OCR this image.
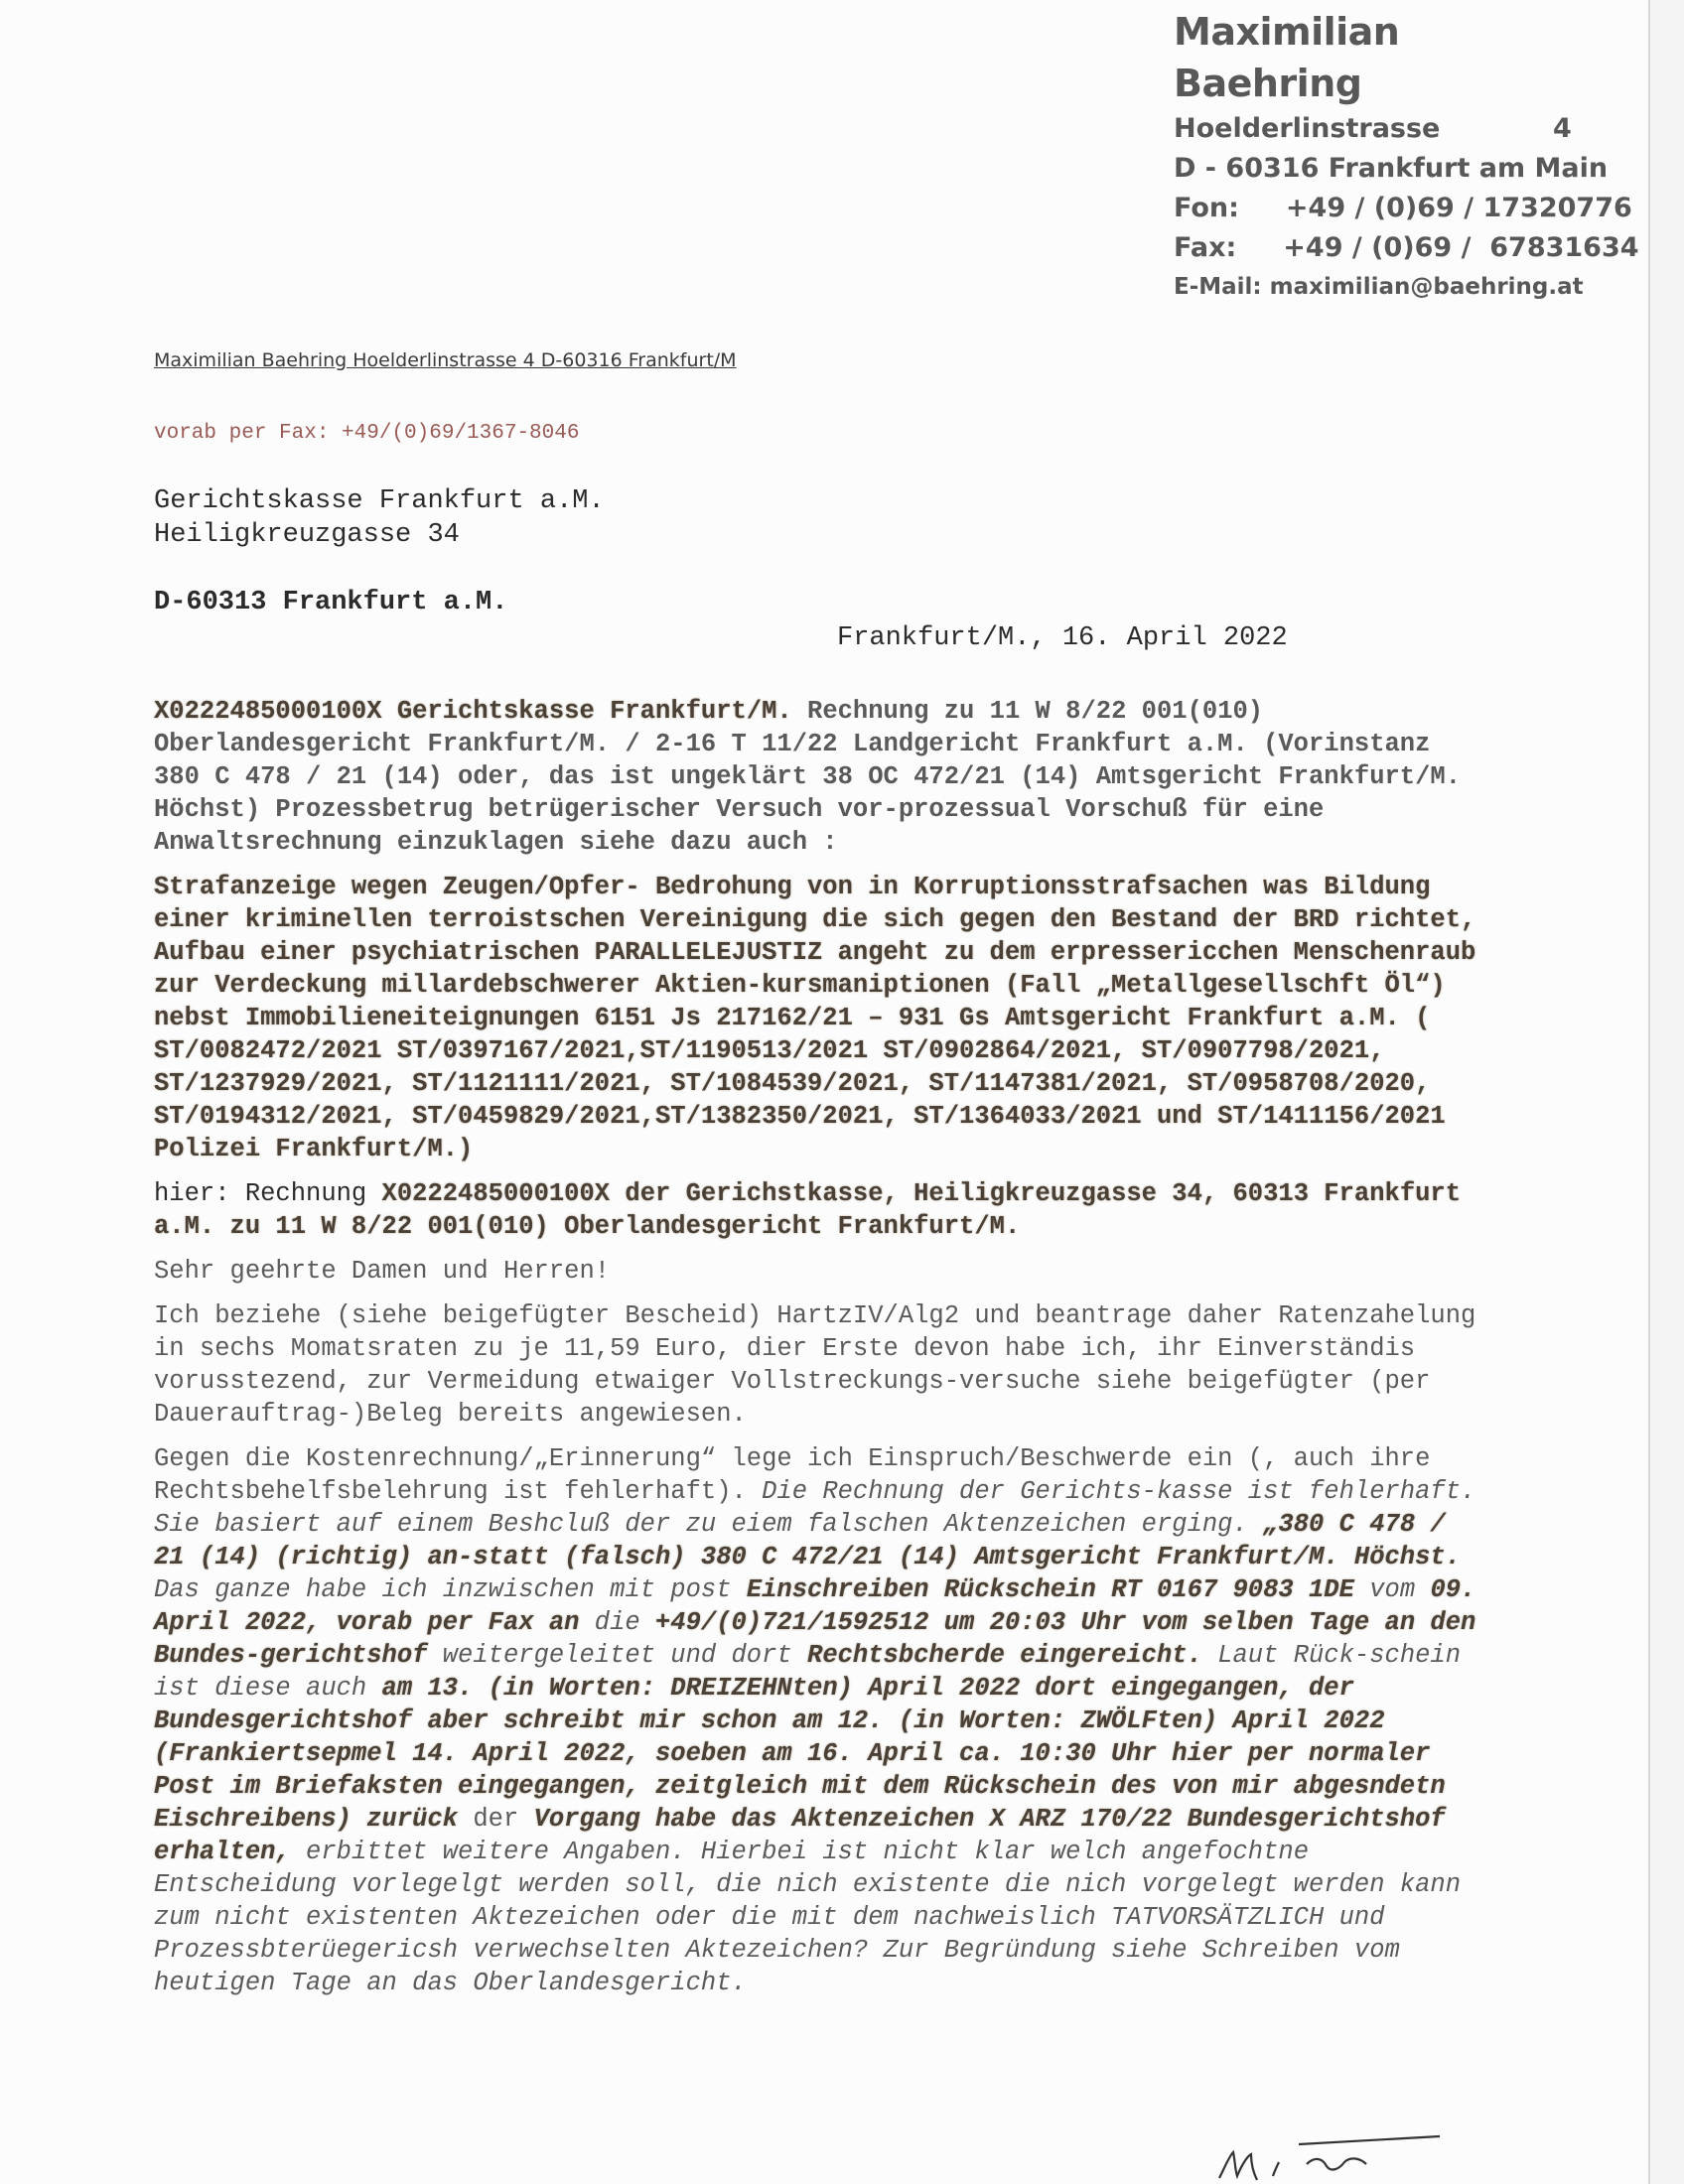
Maximilian Baehring
Hoelderlinstrasse	4
D - 60316 Frankfurt am Main
Fon:     +49 / (0)69 / 17320776
Fax:     +49 / (0)69 /  67831634
E-Mail: maximilian@baehring.at
Maximilian Baehring Hoelderlinstrasse 4 D-60316 Frankfurt/M
vorab per Fax: +49/(0)69/1367-8046
Gerichtskasse Frankfurt a.M.
Heiligkreuzgasse 34
D-60313 Frankfurt a.M.
Frankfurt/M., 16. April 2022

X0222485000100X Gerichtskasse Frankfurt/M. Rechnung zu 11 W 8/22 001(010) Oberlandesgericht Frankfurt/M. / 2-16 T 11/22 Landgericht Frankfurt a.M. (Vorinstanz 380 C 478 / 21 (14) oder, das ist ungeklärt 38 OC 472/21 (14) Amtsgericht Frankfurt/M. Höchst) Prozessbetrug betrügerischer Versuch vor-prozessual Vorschuß für eine Anwaltsrechnung einzuklagen siehe dazu auch :

Strafanzeige wegen Zeugen/Opfer- Bedrohung von in Korruptionsstrafsachen was Bildung einer kriminellen terroistschen Vereinigung die sich gegen den Bestand der BRD richtet, Aufbau einer psychiatrischen PARALLELEJUSTIZ angeht zu dem erpressericchen Menschenraub zur Verdeckung millardebschwerer Aktien-kursmaniptionen (Fall „Metallgesellschft Öl“) nebst Immobilieneiteignungen 6151 Js 217162/21 – 931 Gs Amtsgericht Frankfurt a.M. ( ST/0082472/2021 ST/0397167/2021,ST/1190513/2021 ST/0902864/2021, ST/0907798/2021, ST/1237929/2021, ST/1121111/2021, ST/1084539/2021, ST/1147381/2021, ST/0958708/2020, ST/0194312/2021, ST/0459829/2021,ST/1382350/2021, ST/1364033/2021 und ST/1411156/2021 Polizei Frankfurt/M.)

hier: Rechnung X0222485000100X der Gerichstkasse, Heiligkreuzgasse 34, 60313 Frankfurt a.M. zu 11 W 8/22 001(010) Oberlandesgericht Frankfurt/M.

Sehr geehrte Damen und Herren!

Ich beziehe (siehe beigefügter Bescheid) HartzIV/Alg2 und beantrage daher Ratenzahelung in sechs Momatsraten zu je 11,59 Euro, dier Erste devon habe ich, ihr Einverständis vorusstezend, zur Vermeidung etwaiger Vollstreckungs-versuche siehe beigefügter (per Dauerauftrag-)Beleg bereits angewiesen.

Gegen die Kostenrechnung/„Erinnerung“ lege ich Einspruch/Beschwerde ein (, auch ihre Rechtsbehelfsbelehrung ist fehlerhaft). Die Rechnung der Gerichts-kasse ist fehlerhaft. Sie basiert auf einem Beshcluß der zu eiem falschen Aktenzeichen erging. „380 C 478 / 21 (14) (richtig) an-statt (falsch) 380 C 472/21 (14) Amtsgericht Frankfurt/M. Höchst. Das ganze habe ich inzwischen mit post Einschreiben Rückschein RT 0167 9083 1DE vom 09. April 2022, vorab per Fax an die +49/(0)721/1592512 um 20:03 Uhr vom selben Tage an den Bundes-gerichtshof weitergeleitet und dort Rechtsbcherde eingereicht. Laut Rück-schein ist diese auch am 13. (in Worten: DREIZEHNten) April 2022 dort eingegangen, der Bundesgerichtshof aber schreibt mir schon am 12. (in Worten: ZWÖLFten) April 2022 (Frankiertsepmel 14. April 2022, soeben am 16. April ca. 10:30 Uhr hier per normaler Post im Briefaksten eingegangen, zeitgleich mit dem Rückschein des von mir abgesndetn Eischreibens) zurück der Vorgang habe das Aktenzeichen X ARZ 170/22 Bundesgerichtshof erhalten, erbittet weitere Angaben. Hierbei ist nicht klar welch angefochtne Entscheidung vorlegelgt werden soll, die nich existente die nich vorgelegt werden kann zum nicht existenten Aktezeichen oder die mit dem nachweislich TATVORSÄTZLICH und Prozessbterüegericsh verwechselten Aktezeichen? Zur Begründung siehe Schreiben vom heutigen Tage an das Oberlandesgericht.
